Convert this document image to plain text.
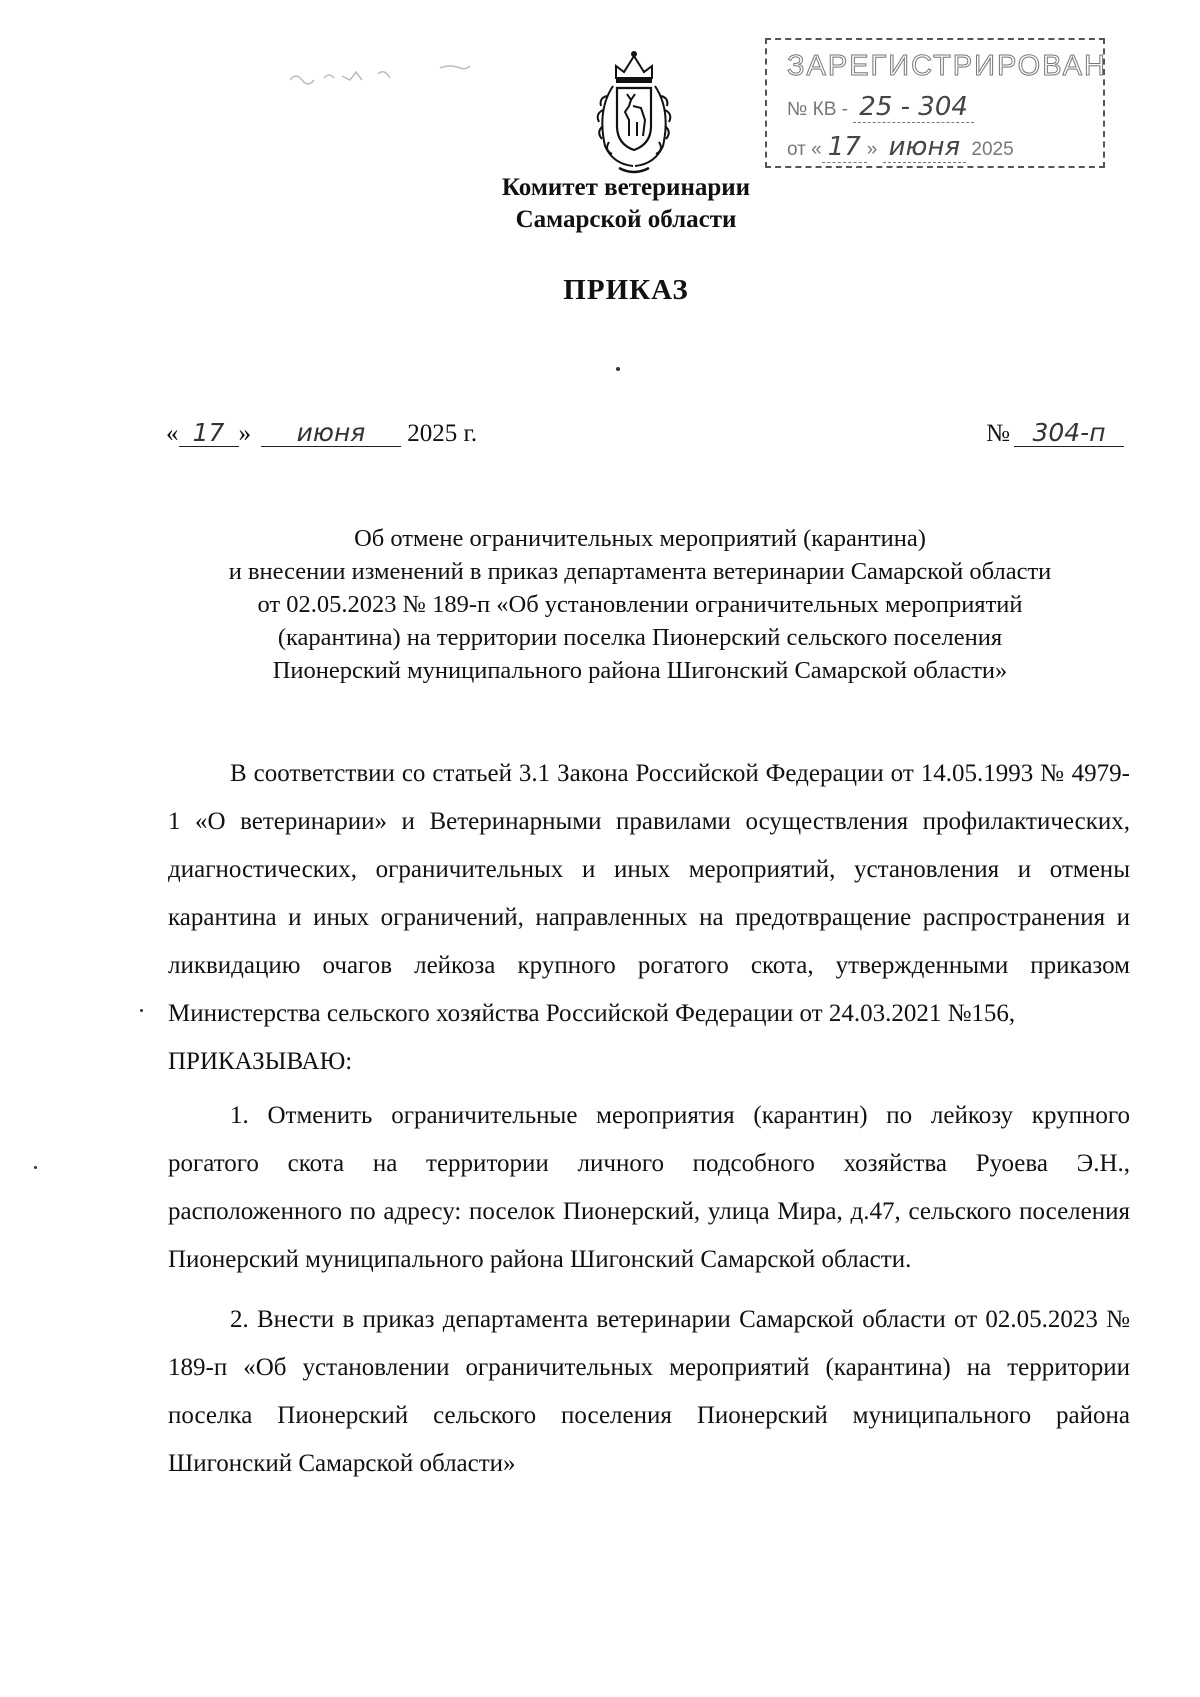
ЗАРЕГИСТРИРОВАН
№ КВ - 25 - 304
от « 17 » июня 2025
Комитет ветеринарии
Самарской области
ПРИКАЗ
« 17 » июня 2025 г.	№ 304-п
Об отмене ограничительных мероприятий (карантина)
и внесении изменений в приказ департамента ветеринарии Самарской области
от 02.05.2023 № 189-п «Об установлении ограничительных мероприятий
(карантина) на территории поселка Пионерский сельского поселения
Пионерский муниципального района Шигонский Самарской области»

В соответствии со статьей 3.1 Закона Российской Федерации от 14.05.1993 № 4979-1 «О ветеринарии» и Ветеринарными правилами осуществления профилактических, диагностических, ограничительных и иных мероприятий, установления и отмены карантина и иных ограничений, направленных на предотвращение распространения и ликвидацию очагов лейкоза крупного рогатого скота, утвержденными приказом Министерства сельского хозяйства Российской Федерации от 24.03.2021 №156,

ПРИКАЗЫВАЮ:

1. Отменить ограничительные мероприятия (карантин) по лейкозу крупного рогатого скота на территории личного подсобного хозяйства Руоева Э.Н., расположенного по адресу: поселок Пионерский, улица Мира, д.47, сельского поселения Пионерский муниципального района Шигонский Самарской области.

2. Внести в приказ департамента ветеринарии Самарской области от 02.05.2023 № 189-п «Об установлении ограничительных мероприятий (карантина) на территории поселка Пионерский сельского поселения Пионерский муниципального района Шигонский Самарской области»
